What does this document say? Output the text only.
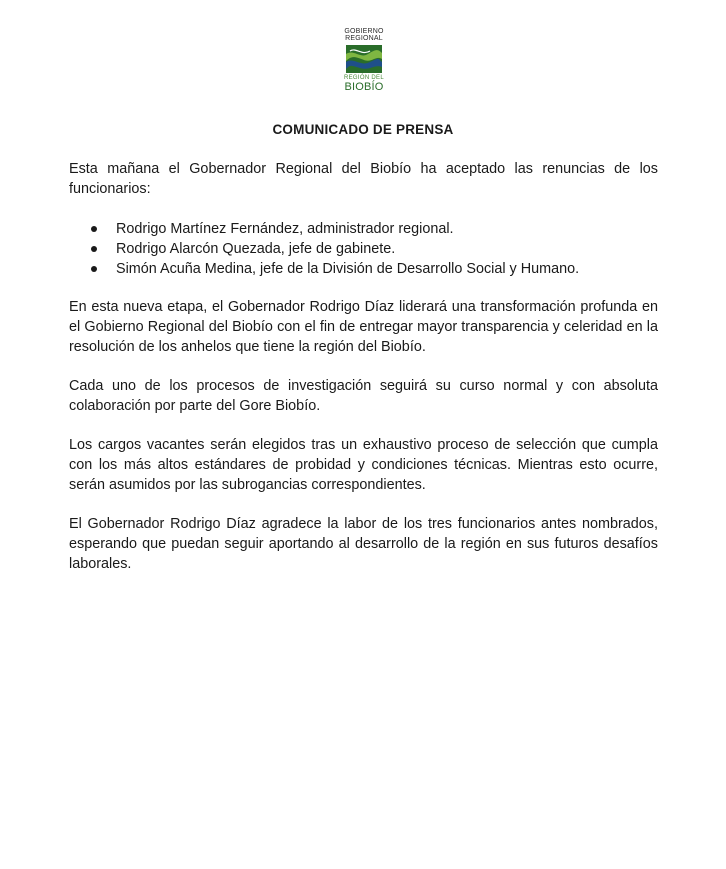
GOBIERNO
REGIONAL
REGIÓN DEL
BIOBÍO
COMUNICADO DE PRENSA

Esta mañana el Gobernador Regional del Biobío ha aceptado las renuncias de los funcionarios:

Rodrigo Martínez Fernández, administrador regional.
Rodrigo Alarcón Quezada, jefe de gabinete.
Simón Acuña Medina, jefe de la División de Desarrollo Social y Humano.

En esta nueva etapa, el Gobernador Rodrigo Díaz liderará una transformación profunda en el Gobierno Regional del Biobío con el fin de entregar mayor transparencia y celeridad en la resolución de los anhelos que tiene la región del Biobío.

Cada uno de los procesos de investigación seguirá su curso normal y con absoluta colaboración por parte del Gore Biobío.

Los cargos vacantes serán elegidos tras un exhaustivo proceso de selección que cumpla con los más altos estándares de probidad y condiciones técnicas. Mientras esto ocurre, serán asumidos por las subrogancias correspondientes.

El Gobernador Rodrigo Díaz agradece la labor de los tres funcionarios antes nombrados, esperando que puedan seguir aportando al desarrollo de la región en sus futuros desafíos laborales.
